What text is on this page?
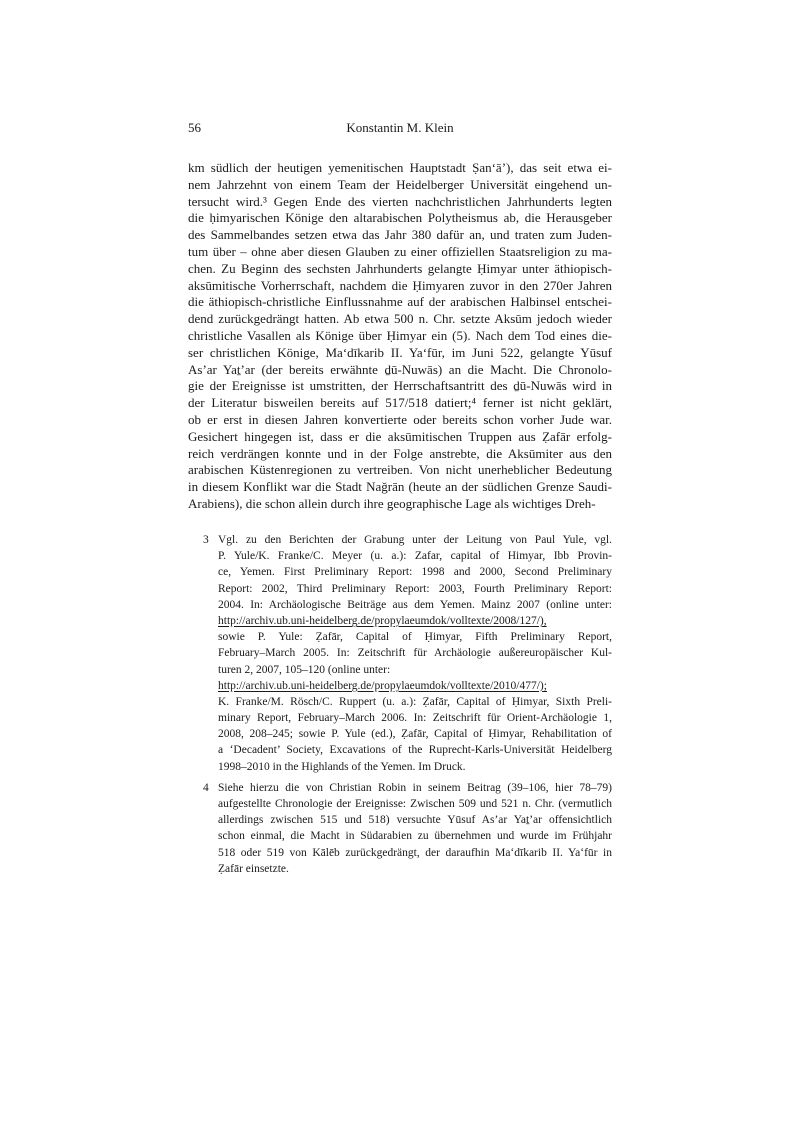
56	Konstantin M. Klein
km südlich der heutigen yemenitischen Hauptstadt Ṣan‘ā’), das seit etwa ei-
nem Jahrzehnt von einem Team der Heidelberger Universität eingehend un-
tersucht wird.³ Gegen Ende des vierten nachchristlichen Jahrhunderts legten
die ḥimyarischen Könige den altarabischen Polytheismus ab, die Herausgeber
des Sammelbandes setzen etwa das Jahr 380 dafür an, und traten zum Juden-
tum über – ohne aber diesen Glauben zu einer offiziellen Staatsreligion zu ma-
chen. Zu Beginn des sechsten Jahrhunderts gelangte Ḥimyar unter äthiopisch-
aksūmitische Vorherrschaft, nachdem die Ḥimyaren zuvor in den 270er Jahren
die äthiopisch-christliche Einflussnahme auf der arabischen Halbinsel entschei-
dend zurückgedrängt hatten. Ab etwa 500 n. Chr. setzte Aksūm jedoch wieder
christliche Vasallen als Könige über Ḥimyar ein (5). Nach dem Tod eines die-
ser christlichen Könige, Ma‘dīkarib II. Ya‘fūr, im Juni 522, gelangte Yūsuf
As’ar Yaṯ’ar (der bereits erwähnte ḏū-Nuwās) an die Macht. Die Chronolo-
gie der Ereignisse ist umstritten, der Herrschaftsantritt des ḏū-Nuwās wird in
der Literatur bisweilen bereits auf 517/518 datiert;⁴ ferner ist nicht geklärt,
ob er erst in diesen Jahren konvertierte oder bereits schon vorher Jude war.
Gesichert hingegen ist, dass er die aksūmitischen Truppen aus Ẓafār erfolg-
reich verdrängen konnte und in der Folge anstrebte, die Aksūmiter aus den
arabischen Küstenregionen zu vertreiben. Von nicht unerheblicher Bedeutung
in diesem Konflikt war die Stadt Naǧrān (heute an der südlichen Grenze Saudi-
Arabiens), die schon allein durch ihre geographische Lage als wichtiges Dreh-
3 Vgl. zu den Berichten der Grabung unter der Leitung von Paul Yule, vgl.
P. Yule/K. Franke/C. Meyer (u. a.): Zafar, capital of Himyar, Ibb Provin-
ce, Yemen. First Preliminary Report: 1998 and 2000, Second Preliminary
Report: 2002, Third Preliminary Report: 2003, Fourth Preliminary Report:
2004. In: Archäologische Beiträge aus dem Yemen. Mainz 2007 (online unter:
http://archiv.ub.uni-heidelberg.de/propylaeumdok/volltexte/2008/127/),
sowie P. Yule: Ẓafār, Capital of Ḥimyar, Fifth Preliminary Report,
February–March 2005. In: Zeitschrift für Archäologie außereuropäischer Kul-
turen 2, 2007, 105–120 (online unter:
http://archiv.ub.uni-heidelberg.de/propylaeumdok/volltexte/2010/477/);
K. Franke/M. Rösch/C. Ruppert (u. a.): Ẓafār, Capital of Ḥimyar, Sixth Preli-
minary Report, February–March 2006. In: Zeitschrift für Orient-Archäologie 1,
2008, 208–245; sowie P. Yule (ed.), Ẓafār, Capital of Ḥimyar, Rehabilitation of
a ‘Decadent’ Society, Excavations of the Ruprecht-Karls-Universität Heidelberg
1998–2010 in the Highlands of the Yemen. Im Druck.
4 Siehe hierzu die von Christian Robin in seinem Beitrag (39–106, hier 78–79)
aufgestellte Chronologie der Ereignisse: Zwischen 509 und 521 n. Chr. (vermutlich
allerdings zwischen 515 und 518) versuchte Yūsuf As’ar Yaṯ’ar offensichtlich
schon einmal, die Macht in Südarabien zu übernehmen und wurde im Frühjahr
518 oder 519 von Kālēb zurückgedrängt, der daraufhin Ma‘dīkarib II. Ya‘fūr in
Ẓafār einsetzte.
